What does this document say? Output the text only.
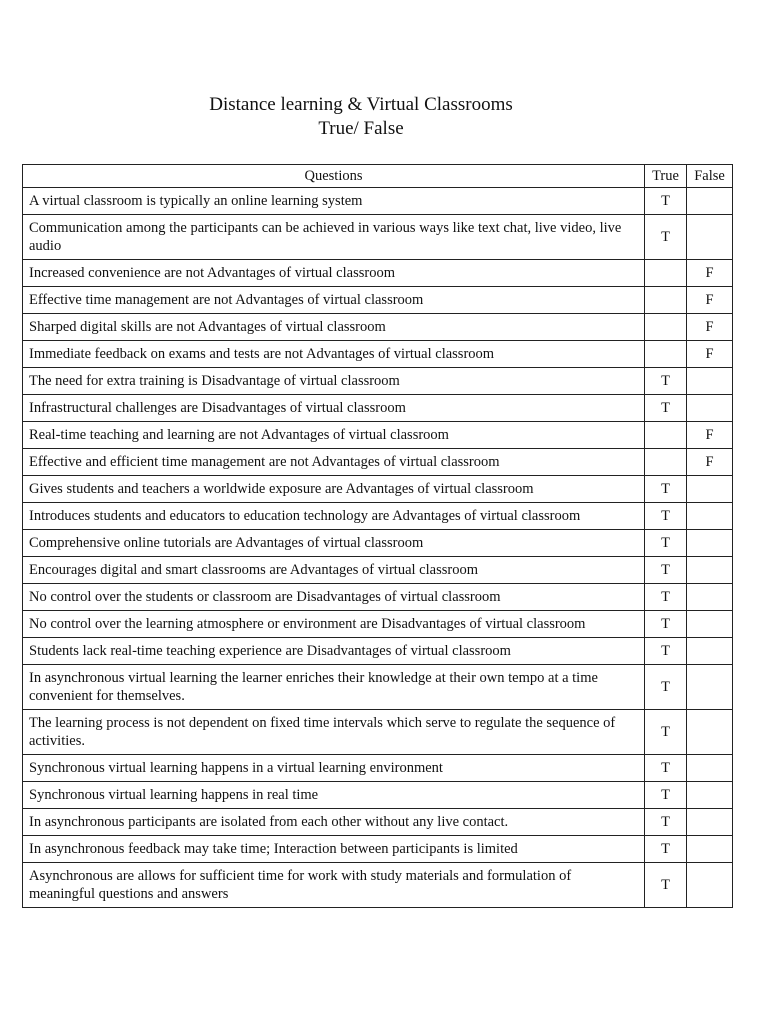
Distance learning & Virtual Classrooms
True/ False
Questions	True	False
A virtual classroom is typically an online learning system	T	
Communication among the participants can be achieved in various ways like text chat, live video, live audio	T	
Increased convenience are not Advantages of virtual classroom		F
Effective time management are not Advantages of virtual classroom		F
Sharped digital skills are not Advantages of virtual classroom		F
Immediate feedback on exams and tests are not Advantages of virtual classroom		F
The need for extra training is Disadvantage of virtual classroom	T	
Infrastructural challenges are Disadvantages of virtual classroom	T	
Real-time teaching and learning are not Advantages of virtual classroom		F
Effective and efficient time management are not Advantages of virtual classroom		F
Gives students and teachers a worldwide exposure are Advantages of virtual classroom	T	
Introduces students and educators to education technology are Advantages of virtual classroom	T	
Comprehensive online tutorials are Advantages of virtual classroom	T	
Encourages digital and smart classrooms are Advantages of virtual classroom	T	
No control over the students or classroom are Disadvantages of virtual classroom	T	
No control over the learning atmosphere or environment are Disadvantages of virtual classroom	T	
Students lack real-time teaching experience are Disadvantages of virtual classroom	T	
In asynchronous virtual learning the learner enriches their knowledge at their own tempo at a time convenient for themselves.	T	
The learning process is not dependent on fixed time intervals which serve to regulate the sequence of activities.	T	
Synchronous virtual learning happens in a virtual learning environment	T	
Synchronous virtual learning happens in real time	T	
In asynchronous participants are isolated from each other without any live contact.	T	
In asynchronous feedback may take time; Interaction between participants is limited	T	
Asynchronous are allows for sufficient time for work with study materials and formulation of meaningful questions and answers	T	
